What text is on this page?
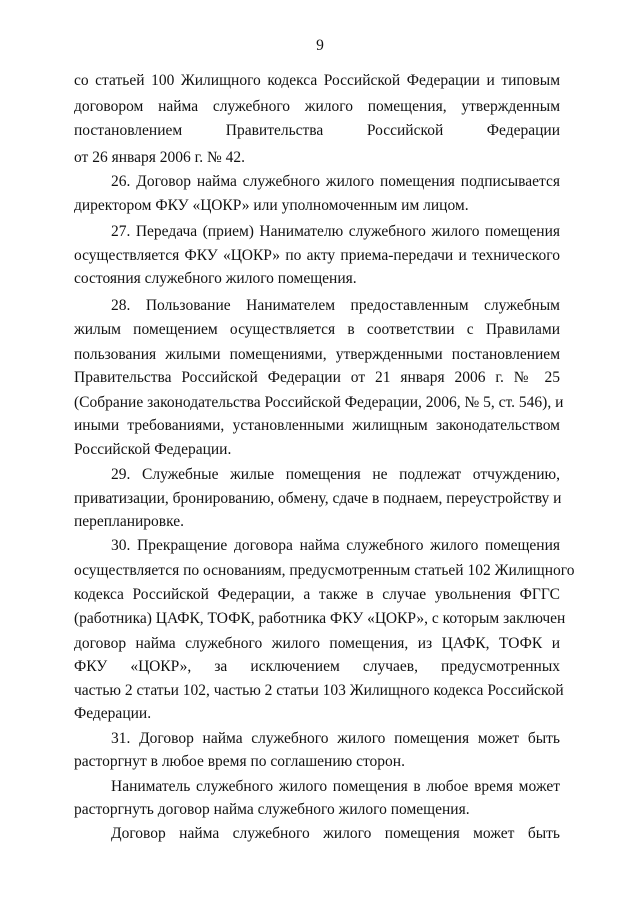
9
со статьей 100 Жилищного кодекса Российской Федерации и типовым
договором найма служебного жилого помещения, утвержденным
постановлением Правительства Российской Федерации
от 26 января 2006 г. № 42.
26. Договор найма служебного жилого помещения подписывается
директором ФКУ «ЦОКР» или уполномоченным им лицом.
27. Передача (прием) Нанимателю служебного жилого помещения
осуществляется ФКУ «ЦОКР» по акту приема-передачи и технического
состояния служебного жилого помещения.
28. Пользование Нанимателем предоставленным служебным
жилым помещением осуществляется в соответствии с Правилами
пользования жилыми помещениями, утвержденными постановлением
Правительства Российской Федерации от 21 января 2006 г. № 25
(Собрание законодательства Российской Федерации, 2006, № 5, ст. 546), и
иными требованиями, установленными жилищным законодательством
Российской Федерации.
29. Служебные жилые помещения не подлежат отчуждению,
приватизации, бронированию, обмену, сдаче в поднаем, переустройству и
перепланировке.
30. Прекращение договора найма служебного жилого помещения
осуществляется по основаниям, предусмотренным статьей 102 Жилищного
кодекса Российской Федерации, а также в случае увольнения ФГГС
(работника) ЦАФК, ТОФК, работника ФКУ «ЦОКР», с которым заключен
договор найма служебного жилого помещения, из ЦАФК, ТОФК и
ФКУ «ЦОКР», за исключением случаев, предусмотренных
частью 2 статьи 102, частью 2 статьи 103 Жилищного кодекса Российской
Федерации.
31. Договор найма служебного жилого помещения может быть
расторгнут в любое время по соглашению сторон.
Наниматель служебного жилого помещения в любое время может
расторгнуть договор найма служебного жилого помещения.
Договор найма служебного жилого помещения может быть
